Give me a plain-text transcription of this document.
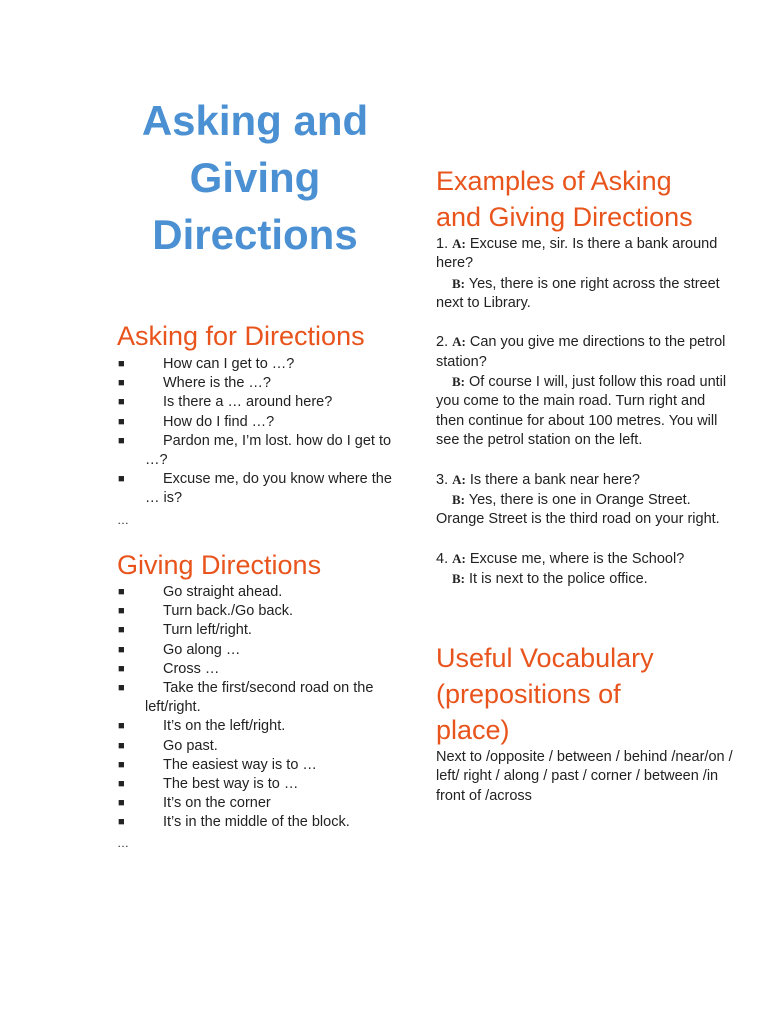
Asking and
Giving
Directions
Asking for Directions
■	How can I get to …?
■	Where is the …?
■	Is there a … around here?
■	How do I find …?
■	Pardon me, I’m lost. how do I get to …?
■	Excuse me, do you know where the … is?
…
Giving Directions
■	Go straight ahead.
■	Turn back./Go back.
■	Turn left/right.
■	Go along …
■	Cross …
■	Take the first/second road on the left/right.
■	It’s on the left/right.
■	Go past.
■	The easiest way is to …
■	The best way is to …
■	It’s on the corner
■	It’s in the middle of the block.
…
Examples of Asking
and Giving Directions

1. A: Excuse me, sir. Is there a bank around here?

B: Yes, there is one right across the street next to Library.

2. A: Can you give me directions to the petrol station?

B: Of course I will, just follow this road until you come to the main road. Turn right and then continue for about 100 metres. You will see the petrol station on the left.

3. A: Is there a bank near here?

B: Yes, there is one in Orange Street. Orange Street is the third road on your right.

4. A: Excuse me, where is the School?

B: It is next to the police office.

Useful Vocabulary
(prepositions of
place)

Next to /opposite / between / behind /near/on / left/ right / along / past / corner / between /in front of /across
